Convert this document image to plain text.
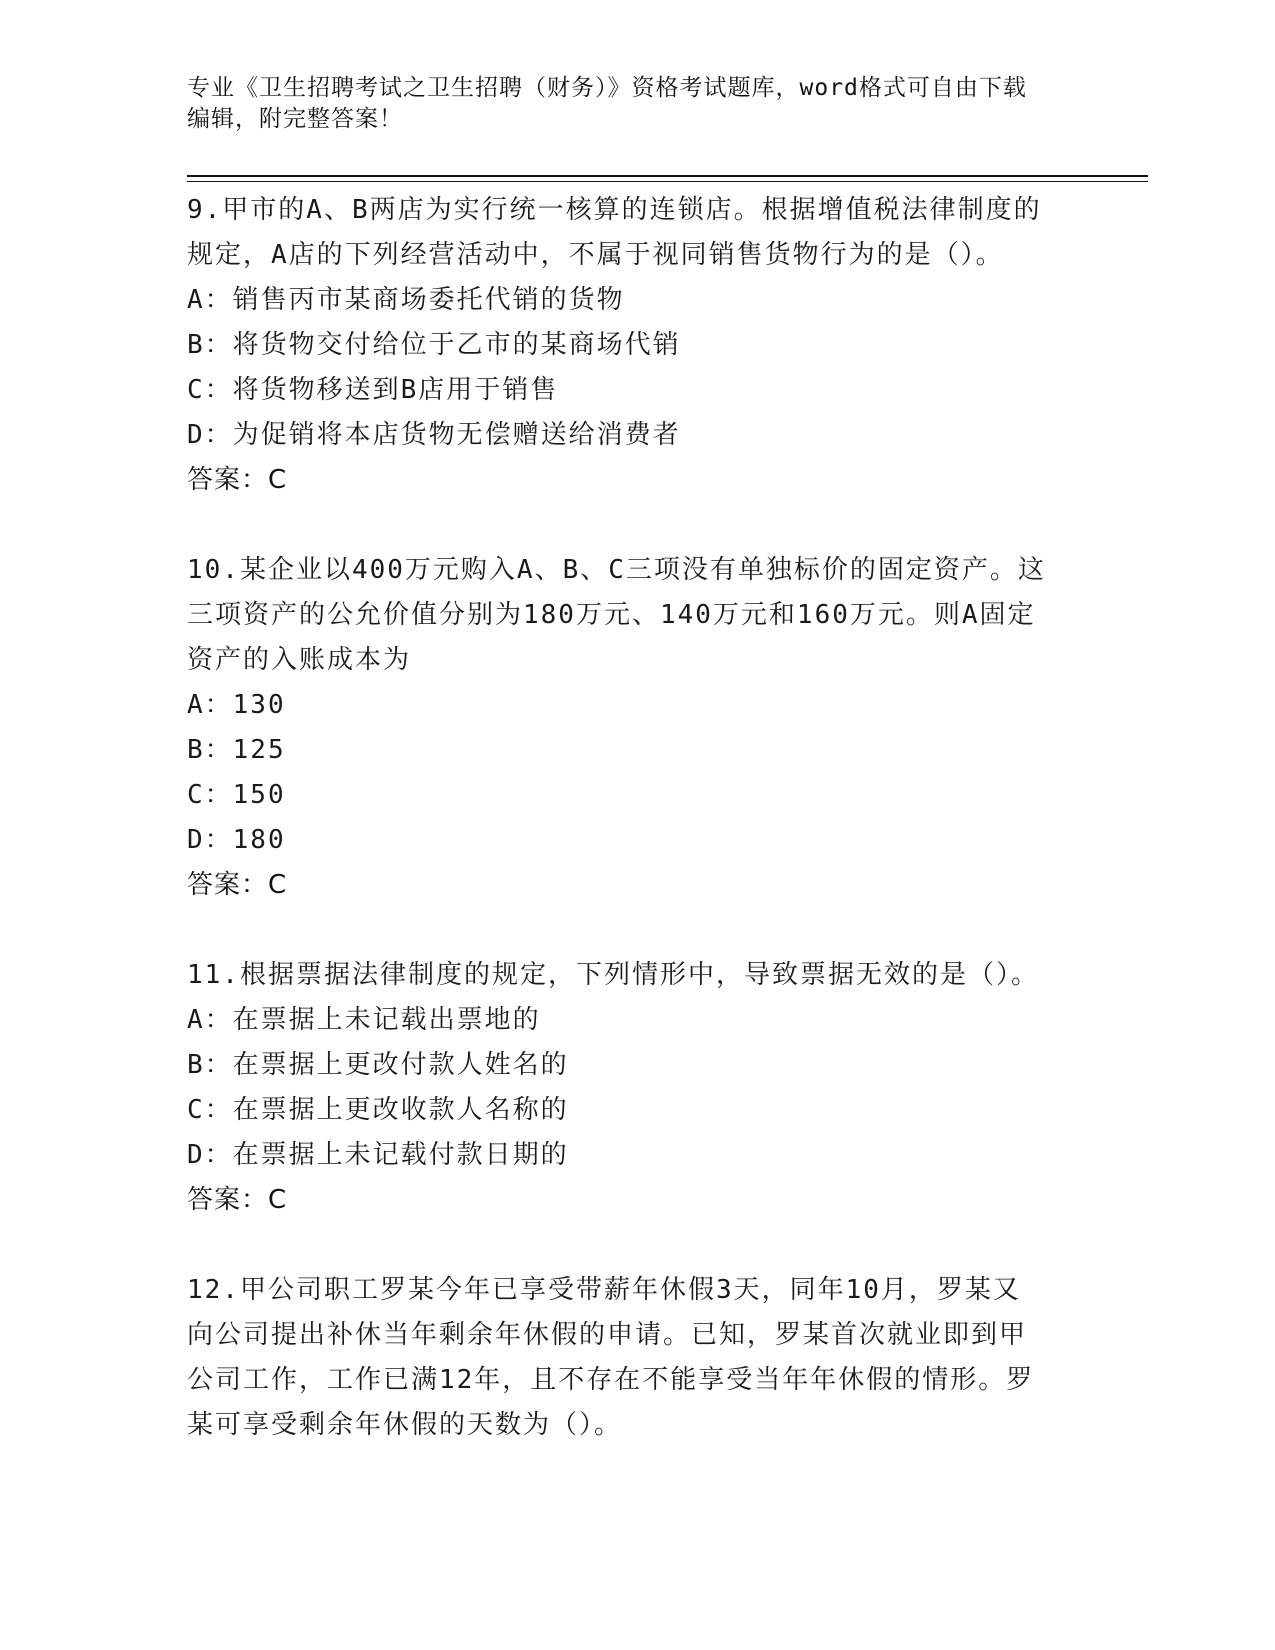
专业《卫生招聘考试之卫生招聘（财务）》资格考试题库，word格式可自由下载
编辑，附完整答案！
9.甲市的A、B两店为实行统一核算的连锁店。根据增值税法律制度的
规定，A店的下列经营活动中，不属于视同销售货物行为的是（）。
A：销售丙市某商场委托代销的货物
B：将货物交付给位于乙市的某商场代销
C：将货物移送到B店用于销售
D：为促销将本店货物无偿赠送给消费者
答案：C
10.某企业以400万元购入A、B、C三项没有单独标价的固定资产。这
三项资产的公允价值分别为180万元、140万元和160万元。则A固定
资产的入账成本为
A：130
B：125
C：150
D：180
答案：C
11.根据票据法律制度的规定，下列情形中，导致票据无效的是（）。
A：在票据上未记载出票地的
B：在票据上更改付款人姓名的
C：在票据上更改收款人名称的
D：在票据上未记载付款日期的
答案：C
12.甲公司职工罗某今年已享受带薪年休假3天，同年10月，罗某又
向公司提出补休当年剩余年休假的申请。已知，罗某首次就业即到甲
公司工作，工作已满12年，且不存在不能享受当年年休假的情形。罗
某可享受剩余年休假的天数为（）。
